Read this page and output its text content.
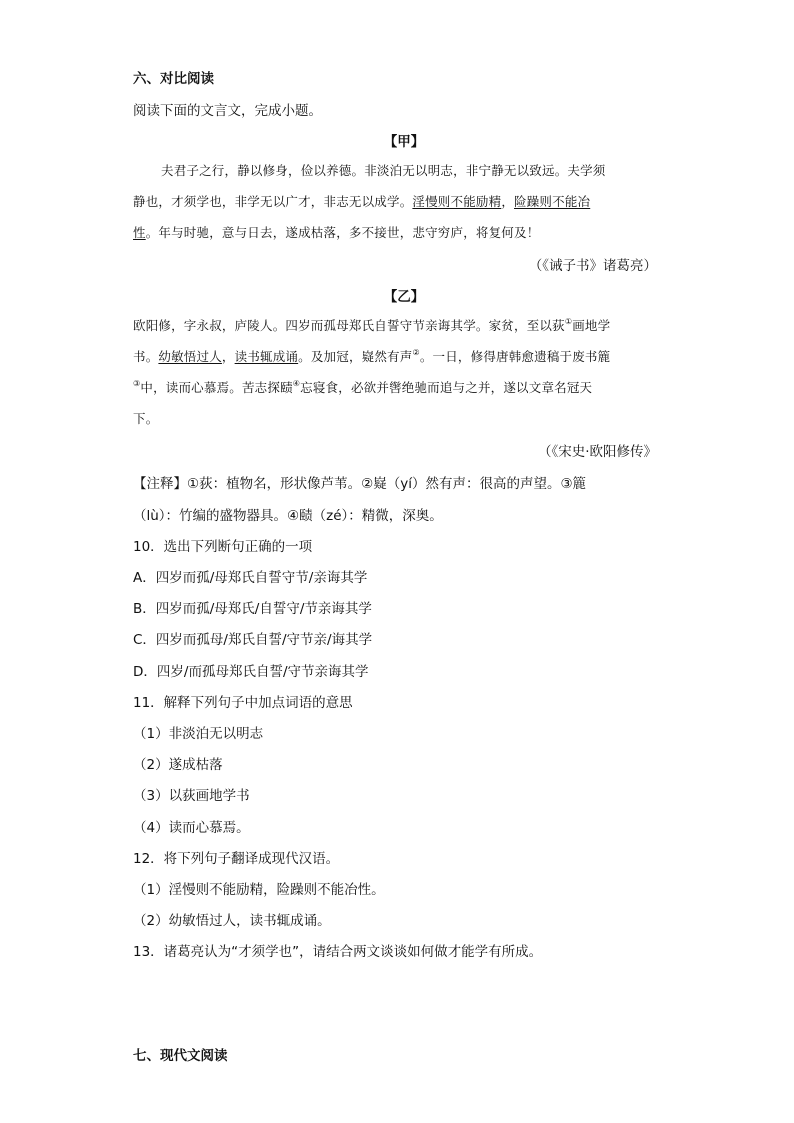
六、对比阅读
阅读下面的文言文，完成小题。
【甲】
夫君子之行，静以修身，俭以养德。非淡泊无以明志，非宁静无以致远。夫学须
静也，才须学也，非学无以广才，非志无以成学。淫慢则不能励精，险躁则不能冶
性。年与时驰，意与日去，遂成枯落，多不接世，悲守穷庐，将复何及！
（《诫子书》诸葛亮）
【乙】
欧阳修，字永叔，庐陵人。四岁而孤母郑氏自誓守节亲诲其学。家贫，至以荻①画地学
书。幼敏悟过人，读书辄成诵。及加冠，嶷然有声②。一日，修得唐韩愈遗稿于废书簏
③中，读而心慕焉。苦志探赜④忘寝食，必欲并辔绝驰而追与之并，遂以文章名冠天
下。
（《宋史·欧阳修传》
【注释】①荻：植物名，形状像芦苇。②嶷（yí）然有声：很高的声望。③簏
（lù）：竹编的盛物器具。④赜（zé）：精微，深奥。
10．选出下列断句正确的一项
A．四岁而孤/母郑氏自誓守节/亲诲其学
B．四岁而孤/母郑氏/自誓守/节亲诲其学
C．四岁而孤母/郑氏自誓/守节亲/诲其学
D．四岁/而孤母郑氏自誓/守节亲诲其学
11．解释下列句子中加点词语的意思
（1）非淡泊无以明志
（2）遂成枯落
（3）以荻画地学书
（4）读而心慕焉。
12．将下列句子翻译成现代汉语。
（1）淫慢则不能励精，险躁则不能冶性。
（2）幼敏悟过人，读书辄成诵。
13．诸葛亮认为“才须学也”，请结合两文谈谈如何做才能学有所成。
七、现代文阅读
